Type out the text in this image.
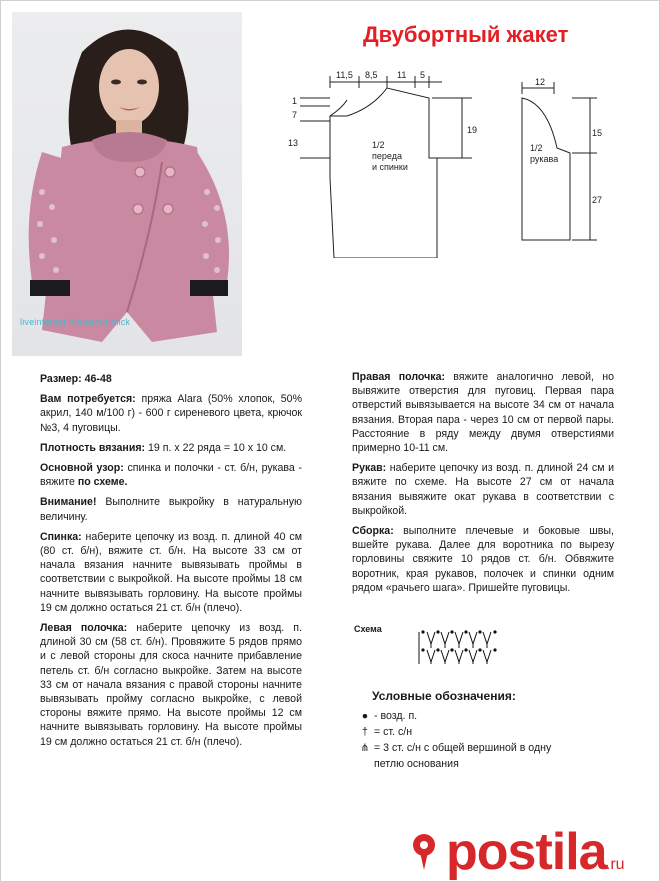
liveinternet.ru/users/rimick
Двубортный жакет
11,5 8,5 11 5
1
7
13
19
1/2
переда
и спинки
12
15
27
1/2
рукава

Размер: 46-48

Вам потребуется: пряжа Alara (50% хлопок, 50% акрил, 140 м/100 г) - 600 г сиреневого цвета, крючок №3, 4 пуговицы.

Плотность вязания: 19 п. х 22 ряда = 10 х 10 см.

Основной узор: спинка и полочки - ст. б/н, рукава - вяжите по схеме.

Внимание! Выполните выкройку в натуральную величину.

Спинка: наберите цепочку из возд. п. длиной 40 см (80 ст. б/н), вяжите ст. б/н. На высоте 33 см от начала вязания начните вывязывать проймы в соответствии с выкройкой. На высоте проймы 18 см начните вывязывать горловину. На высоте проймы 19 см должно остаться 21 ст. б/н (плечо).

Левая полочка: наберите цепочку из возд. п. длиной 30 см (58 ст. б/н). Провяжите 5 рядов прямо и с левой стороны для скоса начните прибавление петель ст. б/н согласно выкройке. Затем на высоте 33 см от начала вязания с правой стороны начните вывязывать пройму согласно выкройке, с левой стороны вяжите прямо. На высоте проймы 12 см начните вывязывать горловину. На высоте проймы 19 см должно остаться 21 ст. б/н (плечо).

Правая полочка: вяжите аналогично левой, но вывяжите отверстия для пуговиц. Первая пара отверстий вывязывается на высоте 34 см от начала вязания. Вторая пара - через 10 см от первой пары. Расстояние в ряду между двумя отверстиями примерно 10-11 см.

Рукав: наберите цепочку из возд. п. длиной 24 см и вяжите по схеме. На высоте 27 см от начала вязания вывяжите окат рукава в соответствии с выкройкой.

Сборка: выполните плечевые и боковые швы, вшейте рукава. Далее для воротника по вырезу горловины свяжите 10 рядов ст. б/н. Обвяжите воротник, края рукавов, полочек и спинки одним рядом «рачьего шага». Пришейте пуговицы.

Схема
Условные обозначения:
● - возд. п.
† = ст. с/н
⋔ = 3 ст. с/н с общей вершиной в одну петлю основания
postila .ru
